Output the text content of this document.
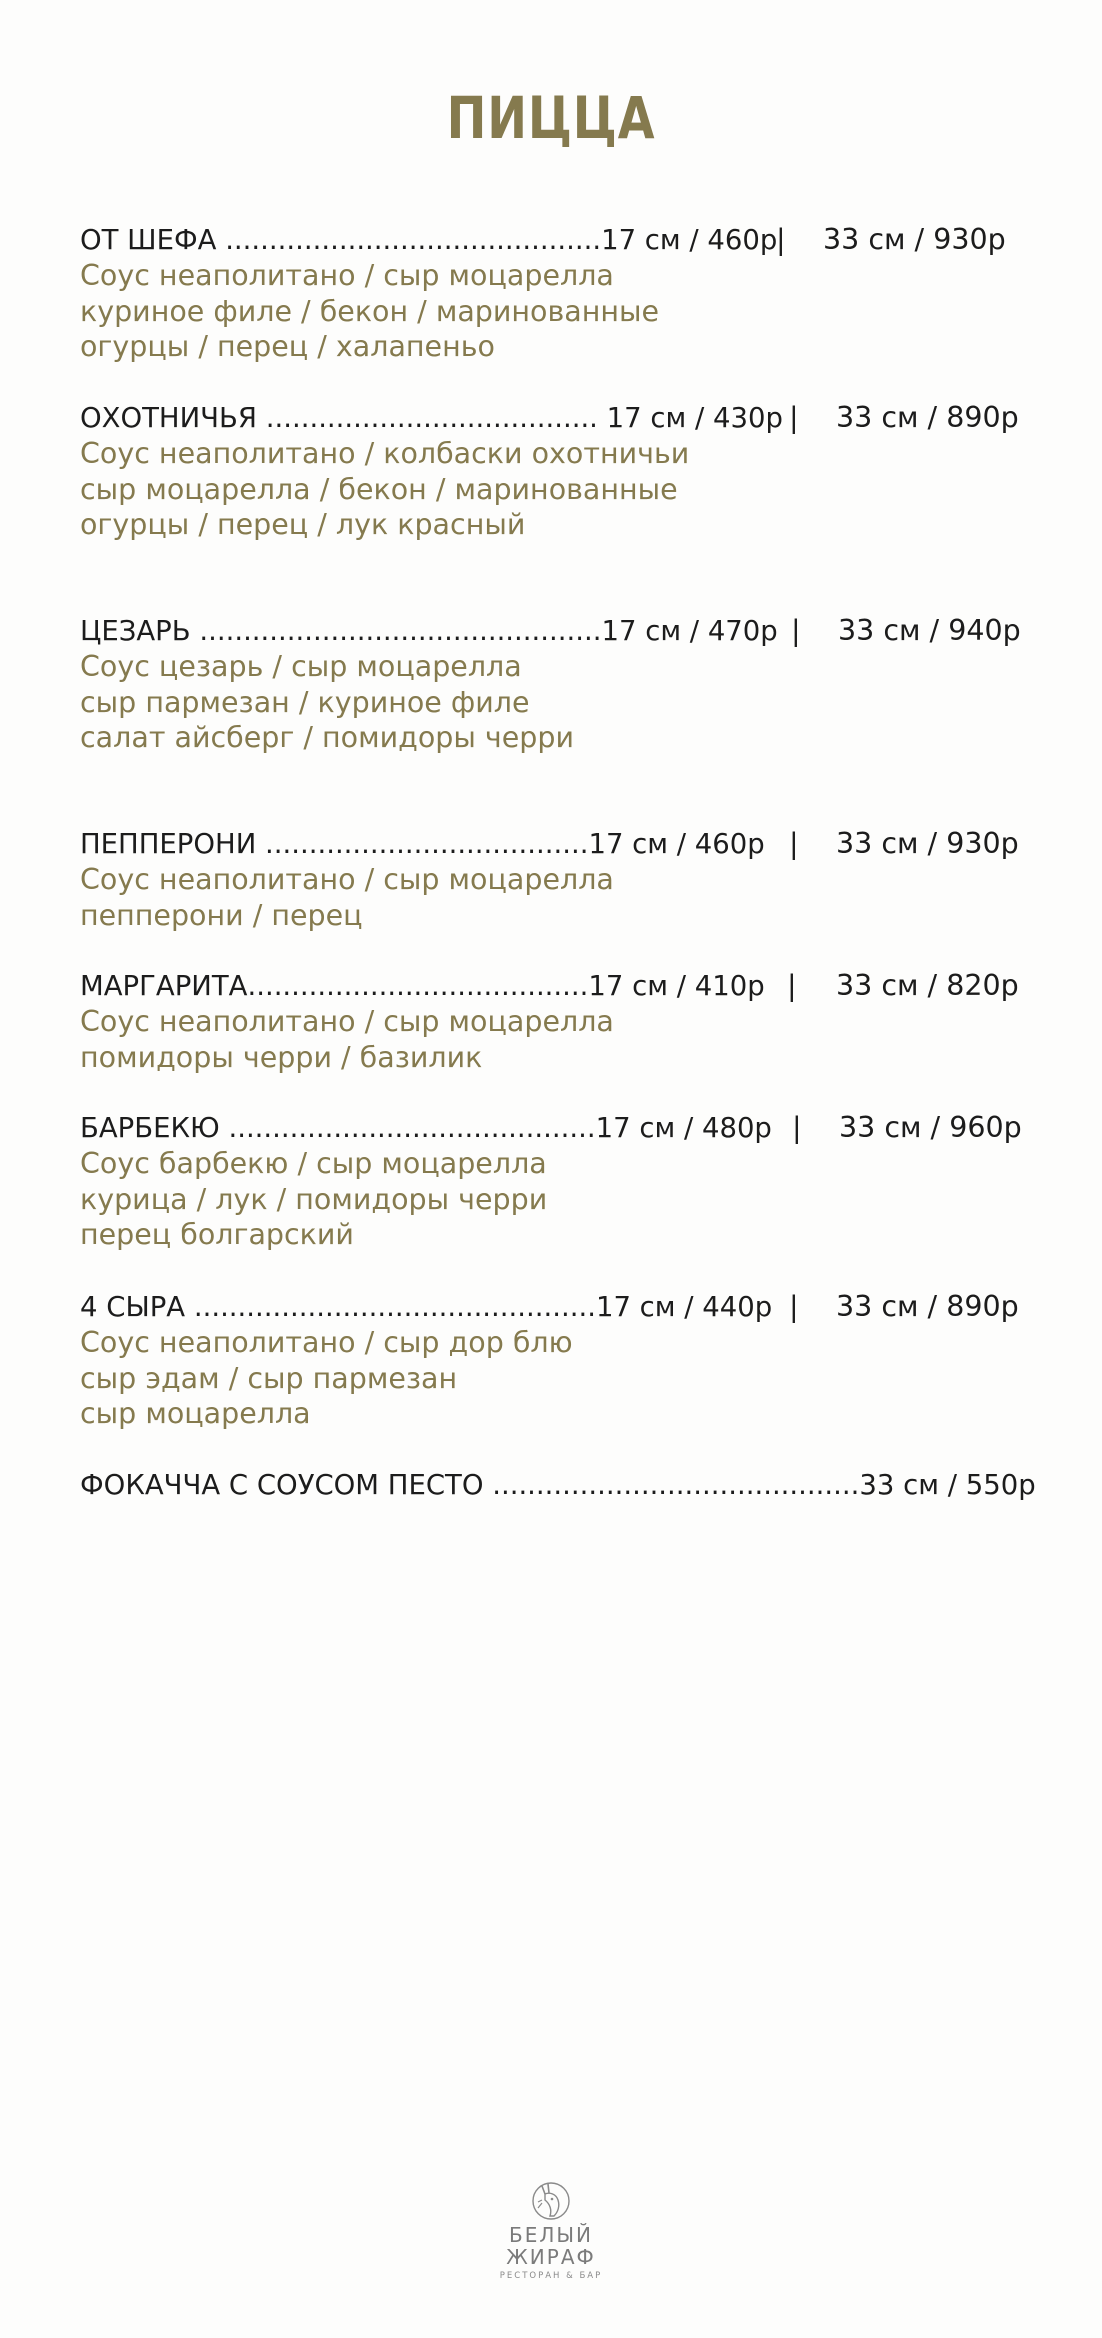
ПИЦЦА
ОТ ШЕФА ...........................................17 см / 460р
| 33 см / 930р
Соус неаполитано / сыр моцарелла
куриное филе / бекон / маринованные
огурцы / перец / халапеньо
ОХОТНИЧЬЯ ...................................... 17 см / 430р | 33 см / 890р
Соус неаполитано / колбаски охотничьи
сыр моцарелла / бекон / маринованные
огурцы / перец / лук красный
ЦЕЗАРЬ ..............................................17 см / 470р | 33 см / 940р
Соус цезарь / сыр моцарелла
сыр пармезан / куриное филе
салат айсберг / помидоры черри
ПЕППЕРОНИ .....................................17 см / 460р | 33 см / 930р
Соус неаполитано / сыр моцарелла
пепперони / перец
МАРГАРИТА.......................................17 см / 410р | 33 см / 820р
Соус неаполитано / сыр моцарелла
помидоры черри / базилик
БАРБЕКЮ ..........................................17 см / 480р | 33 см / 960р
Соус барбекю / сыр моцарелла
курица / лук / помидоры черри
перец болгарский
4 СЫРА ..............................................17 см / 440р | 33 см / 890р
Соус неаполитано / сыр дор блю
сыр эдам / сыр пармезан
сыр моцарелла
ФОКАЧЧА С СОУСОМ ПЕСТО ..........................................33 см / 550р
БЕЛЫЙ
ЖИРАФ
РЕСТОРАН & БАР
